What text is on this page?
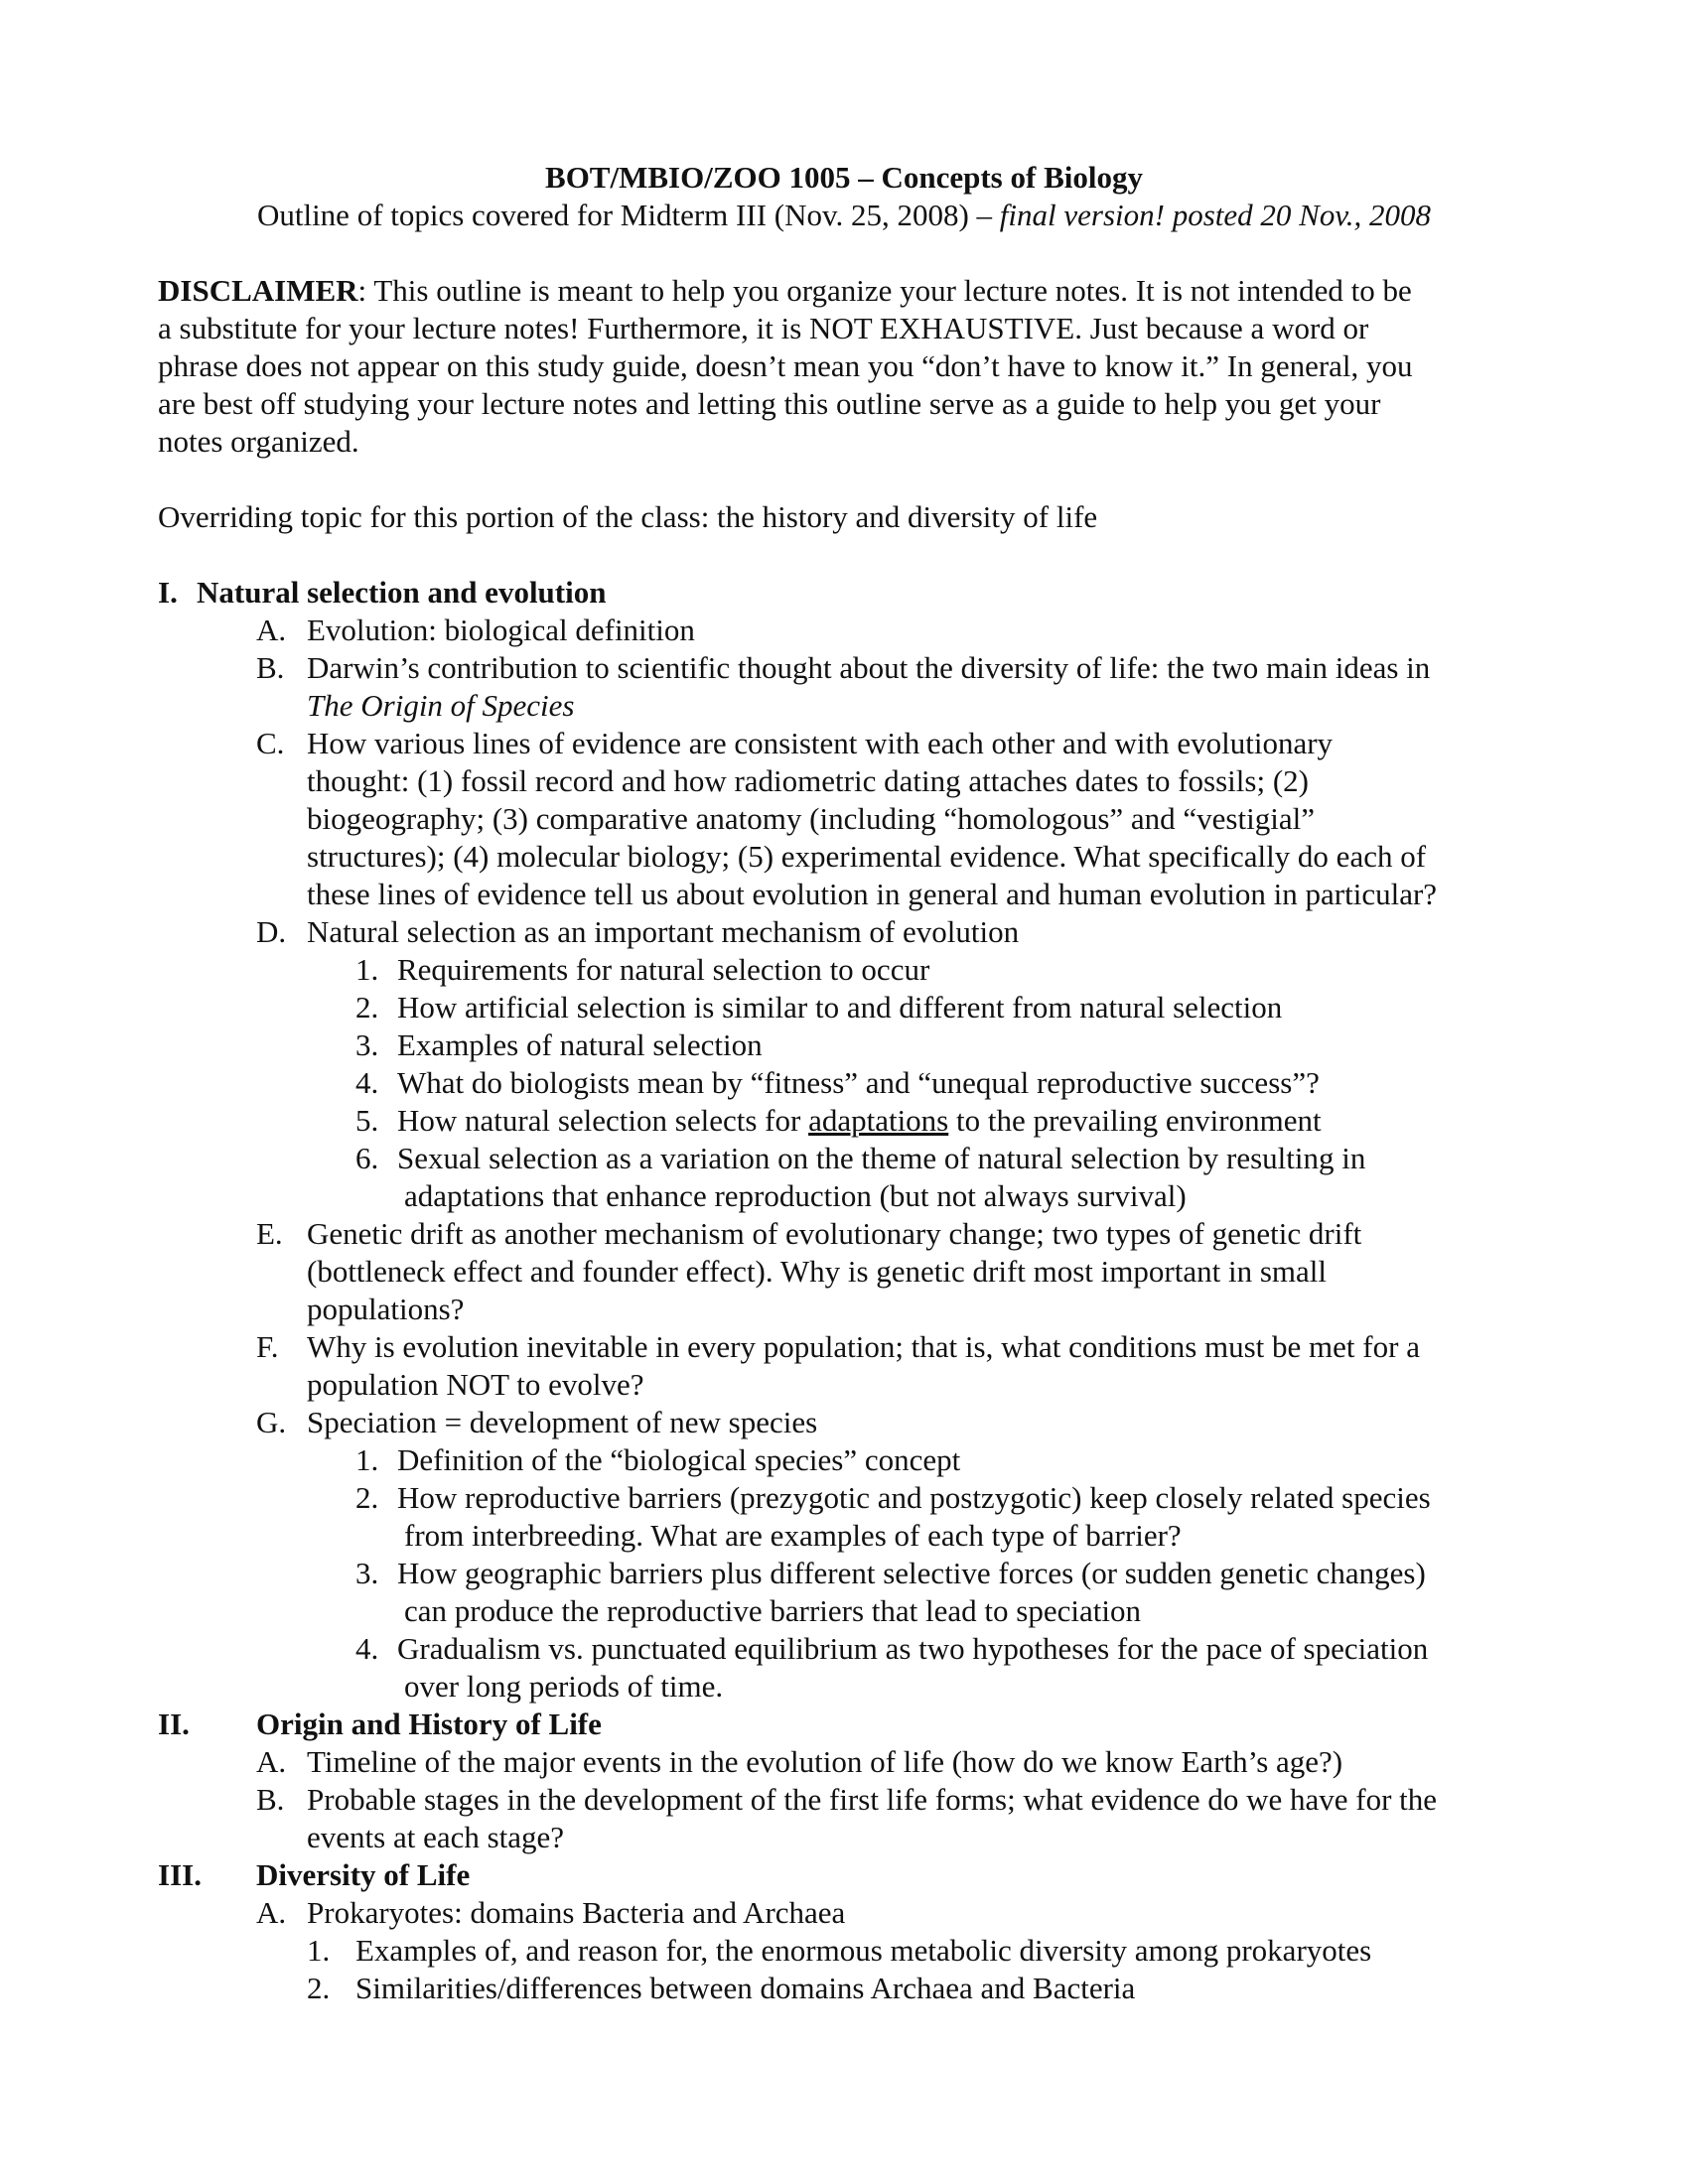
BOT/MBIO/ZOO 1005 – Concepts of Biology
Outline of topics covered for Midterm III (Nov. 25, 2008) – final version! posted 20 Nov., 2008
DISCLAIMER: This outline is meant to help you organize your lecture notes. It is not intended to be
a substitute for your lecture notes! Furthermore, it is NOT EXHAUSTIVE. Just because a word or
phrase does not appear on this study guide, doesn’t mean you “don’t have to know it.” In general, you
are best off studying your lecture notes and letting this outline serve as a guide to help you get your
notes organized.
Overriding topic for this portion of the class: the history and diversity of life
I. Natural selection and evolution
A. Evolution: biological definition
B. Darwin’s contribution to scientific thought about the diversity of life: the two main ideas in
The Origin of Species
C. How various lines of evidence are consistent with each other and with evolutionary
thought: (1) fossil record and how radiometric dating attaches dates to fossils; (2)
biogeography; (3) comparative anatomy (including “homologous” and “vestigial”
structures); (4) molecular biology; (5) experimental evidence. What specifically do each of
these lines of evidence tell us about evolution in general and human evolution in particular?
D. Natural selection as an important mechanism of evolution
1. Requirements for natural selection to occur
2. How artificial selection is similar to and different from natural selection
3. Examples of natural selection
4. What do biologists mean by “fitness” and “unequal reproductive success”?
5. How natural selection selects for adaptations to the prevailing environment
6. Sexual selection as a variation on the theme of natural selection by resulting in
adaptations that enhance reproduction (but not always survival)
E. Genetic drift as another mechanism of evolutionary change; two types of genetic drift
(bottleneck effect and founder effect). Why is genetic drift most important in small
populations?
F. Why is evolution inevitable in every population; that is, what conditions must be met for a
population NOT to evolve?
G. Speciation = development of new species
1. Definition of the “biological species” concept
2. How reproductive barriers (prezygotic and postzygotic) keep closely related species
from interbreeding. What are examples of each type of barrier?
3. How geographic barriers plus different selective forces (or sudden genetic changes)
can produce the reproductive barriers that lead to speciation
4. Gradualism vs. punctuated equilibrium as two hypotheses for the pace of speciation
over long periods of time.
II. Origin and History of Life
A. Timeline of the major events in the evolution of life (how do we know Earth’s age?)
B. Probable stages in the development of the first life forms; what evidence do we have for the
events at each stage?
III. Diversity of Life
A. Prokaryotes: domains Bacteria and Archaea
1. Examples of, and reason for, the enormous metabolic diversity among prokaryotes
2. Similarities/differences between domains Archaea and Bacteria
